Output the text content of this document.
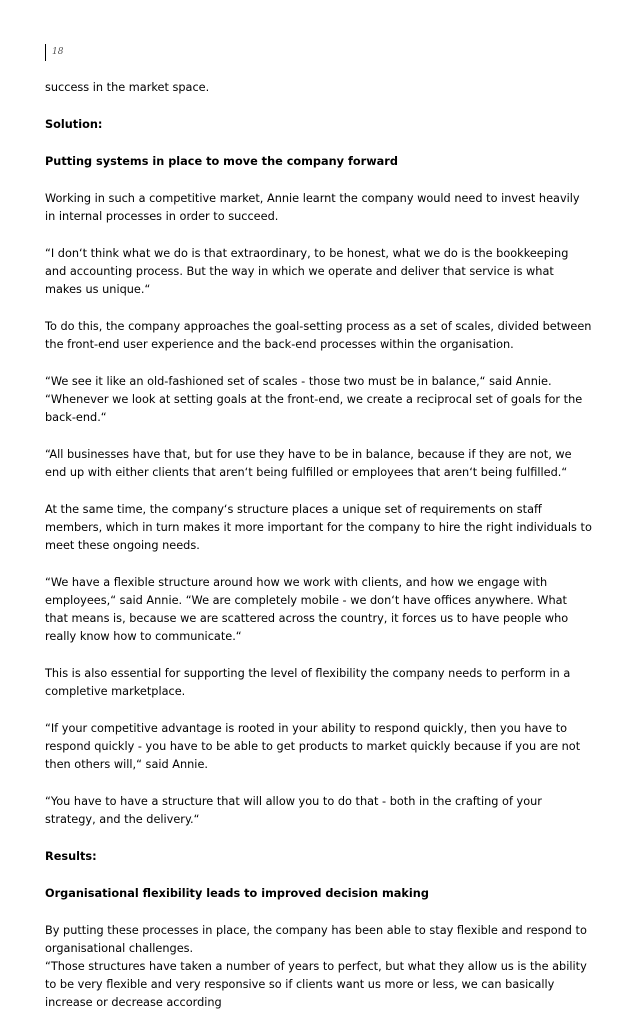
18

success in the market space.

Solution:

Putting systems in place to move the company forward

Working in such a competitive market, Annie learnt the company would need to invest heavily in internal processes in order to succeed.

“I don‘t think what we do is that extraordinary, to be honest, what we do is the bookkeeping and accounting process. But the way in which we operate and deliver that service is what makes us unique.“

To do this, the company approaches the goal-setting process as a set of scales, divided between the front-end user experience and the back-end processes within the organisation.

“We see it like an old-fashioned set of scales - those two must be in balance,“ said Annie. “Whenever we look at setting goals at the front-end, we create a reciprocal set of goals for the back-end.“

“All businesses have that, but for use they have to be in balance, because if they are not, we end up with either clients that aren‘t being fulfilled or employees that aren‘t being fulfilled.“

At the same time, the company‘s structure places a unique set of requirements on staff members, which in turn makes it more important for the company to hire the right individuals to meet these ongoing needs.

“We have a flexible structure around how we work with clients, and how we engage with employees,“ said Annie. “We are completely mobile - we don‘t have offices anywhere. What that means is, because we are scattered across the country, it forces us to have people who really know how to communicate.“

This is also essential for supporting the level of flexibility the company needs to perform in a completive marketplace.

“If your competitive advantage is rooted in your ability to respond quickly, then you have to respond quickly - you have to be able to get products to market quickly because if you are not then others will,“ said Annie.

“You have to have a structure that will allow you to do that - both in the crafting of your strategy, and the delivery.“

Results:

Organisational flexibility leads to improved decision making

By putting these processes in place, the company has been able to stay flexible and respond to organisational challenges.

“Those structures have taken a number of years to perfect, but what they allow us is the ability to be very flexible and very responsive so if clients want us more or less, we can basically increase or decrease according
